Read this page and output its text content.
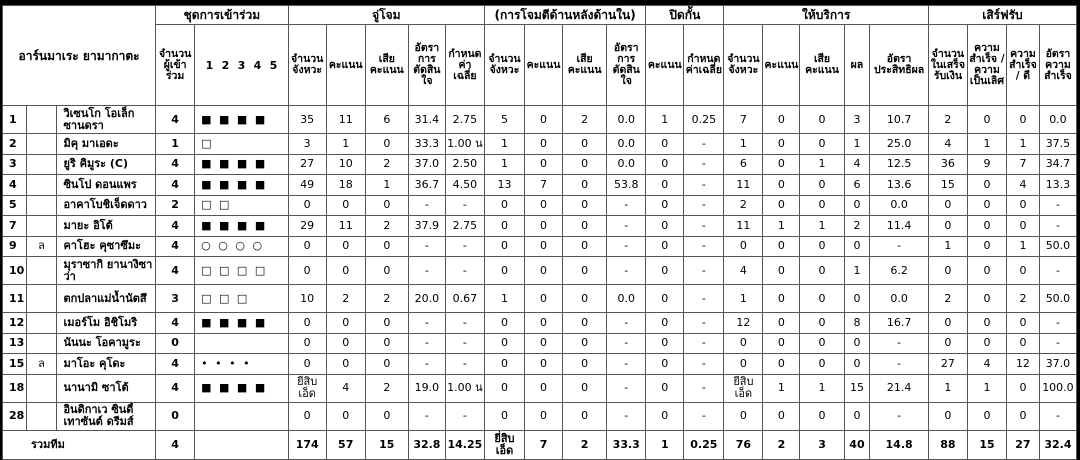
อาร์นมาเระ ยามากาตะ			ชุดการเข้าร่วม		จู่โจม					(การโจมตีด้านหลังด้านใน)				ปิดกั้น		ให้บริการ					เสิร์ฟรับ			
			จำนวนผู้เข้าร่วม	1 2 3 4 5	จำนวนจังหวะ	คะแนน	เสียคะแนน	อัตราการตัดสินใจ	กำหนดค่าเฉลี่ย	จำนวนจังหวะ	คะแนน	เสียคะแนน	อัตราการตัดสินใจ	คะแนน	กำหนดค่าเฉลี่ย	จำนวนจังหวะ	คะแนน	เสียคะแนน	ผล	อัตราประสิทธิผล	จำนวนในเสร็จรับเงิน	ความสำเร็จ / ความเป็นเลิศ	ความสำเร็จ / ดี	อัตราความสำเร็จ
1		วิเซนโก โอเล็กซานดรา	4	■ ■ ■ ■	35	11	6	31.4	2.75	5	0	2	0.0	1	0.25	7	0	0	3	10.7	2	0	0	0.0
2		มิคุ มาเอดะ	1	□	3	1	0	33.3	1.00 น	1	0	0	0.0	0	-	1	0	0	1	25.0	4	1	1	37.5
3		ยูริ คิมูระ (C)	4	■ ■ ■ ■	27	10	2	37.0	2.50	1	0	0	0.0	0	-	6	0	1	4	12.5	36	9	7	34.7
4		ซินโป ดอนแพร	4	■ ■ ■ ■	49	18	1	36.7	4.50	13	7	0	53.8	0	-	11	0	0	6	13.6	15	0	4	13.3
5		อาคาโบชิเจ็ดดาว	2	□ □	0	0	0	-	-	0	0	0	-	0	-	2	0	0	0	0.0	0	0	0	-
7		มายะ อิโต้	4	■ ■ ■ ■	29	11	2	37.9	2.75	0	0	0	-	0	-	11	1	1	2	11.4	0	0	0	-
9	ล	คาโฮะ คุซาซึมะ	4	○ ○ ○ ○	0	0	0	-	-	0	0	0	-	0	-	0	0	0	0	-	1	0	1	50.0
10		มุราซากิ ยานางิซาว่า	4	□ □ □ □	0	0	0	-	-	0	0	0	-	0	-	4	0	0	1	6.2	0	0	0	-
11		ตกปลาแม่น้ำนัตสึ	3	□ □ □	10	2	2	20.0	0.67	1	0	0	0.0	0	-	1	0	0	0	0.0	2	0	2	50.0
12		เมอร์โม อิชิโมริ	4	■ ■ ■ ■	0	0	0	-	-	0	0	0	-	0	-	12	0	0	8	16.7	0	0	0	-
13		นันนะ โอคามูระ	0		0	0	0	-	-	0	0	0	-	0	-	0	0	0	0	-	0	0	0	-
15	ล	มาโอะ คุโดะ	4	• • • •	0	0	0	-	-	0	0	0	-	0	-	0	0	0	0	-	27	4	12	37.0
18		นานามิ ซาโต้	4	■ ■ ■ ■	ยี่สิบเอ็ด	4	2	19.0	1.00 น	0	0	0	-	0	-	ยี่สิบเอ็ด	1	1	15	21.4	1	1	0	100.0
28		อินดิกาเว ซินดี้ เทาซันต์ ดรีมส์	0		0	0	0	-	-	0	0	0	-	0	-	0	0	0	0	-	0	0	0	-
รวมทีม			4		174	57	15	32.8	14.25	ยี่สิบเอ็ด	7	2	33.3	1	0.25	76	2	3	40	14.8	88	15	27	32.4
